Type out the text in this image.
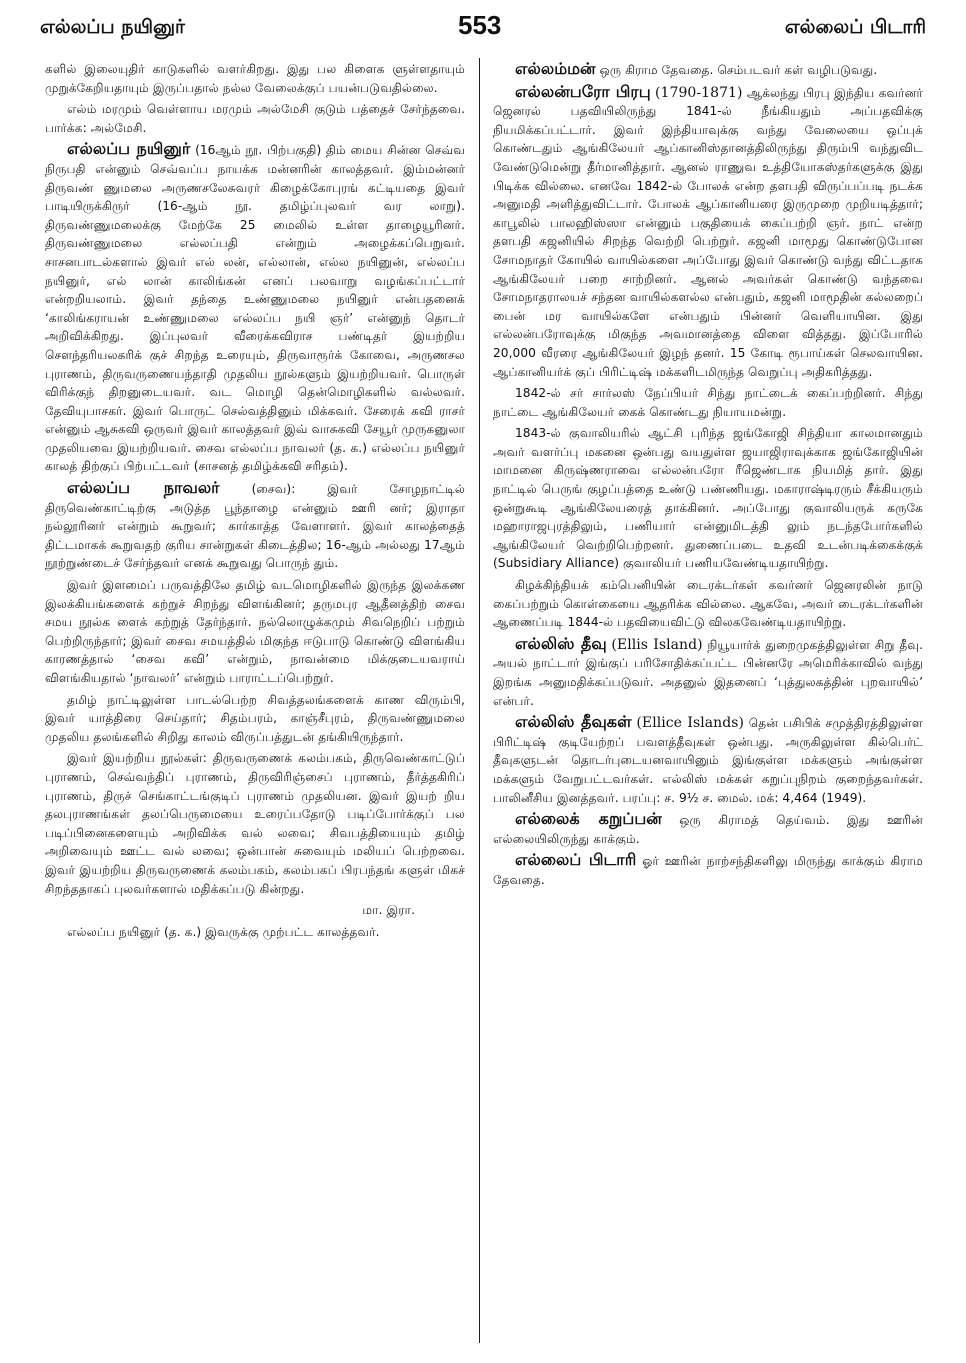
எல்லப்ப நயினுர்	553	எல்லைப் பிடாரி

களில் இலையுதிர் காடுகளில் வளர்கிறது. இது பல கிளைக ளுள்ளதாயும் முறுக்கேறியதாயும் இருப்பதால் நல்ல வேலைக்குப் பயன்படுவதில்லை.

எல்ம் மரமும் வெள்ளாய மரமும் அல்மேசி குடும் பத்தைச் சேர்ந்தவை. பார்க்க: அல்மேசி.

எல்லப்ப நயினுர் (16ஆம் நூ. பிற்பகுதி) திம் மைய சின்ன செவ்வ நிருபதி என்னும் செவ்வப்ப நாயக்க மன்னரின் காலத்தவர். இம்மன்னர் திருவண் ணுமலை அருணசலேசுவரர் கிழைக்கோபுரங் கட்டியதை இவர் பாடியிருக்கிருர் (16-ஆம் நூ. தமிழ்ப்புலவர் வர லாறு). திருவண்ணுமலைக்கு மேற்கே 25 மைலில் உள்ள தாழையூரினர். திருவண்ணுமலை எல்லப்பதி என்றும் அழைக்கப்பெறுவர். சாசனபாடல்களால் இவர் எல் லன், எல்லான், எல்ல நயினுன், எல்லப்ப நயினுர், எல் லான் காலிங்கன் எனப் பலவாறு வழங்கப்பட்டார் என்றறியலாம். இவர் தந்தை உண்ணுமலை நயினுர் என்பதனைக் ‘காலிங்கராயன் உண்ணுமலை எல்லப்ப நயி ஞர்’ என்னுந் தொடர் அறிவிக்கிறது. இப்புலவர் வீரைக்கவிராச பண்டிதர் இயற்றிய சௌந்தரியலகரிக் குச் சிறந்த உரையும், திருவாரூர்க் கோவை, அருணசல புராணம், திருவருணையந்தாதி முதலிய நூல்களும் இயற்றியவர். பொருள் விரிக்குந் திறனுடையவர். வட மொழி தென்மொழிகளில் வல்லவர். தேவியுபாசகர். இவர் பொருட் செல்வத்தினும் மிக்கவர். சேரைக் கவி ராசர் என்னும் ஆசுகவி ஒருவர் இவர் காலத்தவர் இவ் வாசுகவி சேயூர் முருகனுலா முதலியவை இயற்றியவர். சைவ எல்லப்ப நாவலர் (த. க.) எல்லப்ப நயினுர் காலத் திற்குப் பிற்பட்டவர் (சாசனத் தமிழ்க்கவி சரிதம்).

எல்லப்ப நாவலர்	(சைவ): இவர் சோழநாட்டில் திருவெண்காட்டிற்கு அடுத்த பூந்தாழை என்னும் ஊரி னர்; இராதா நல்லூரினர் என்றும் கூறுவர்; கார்காத்த வேளாளர். இவர் காலத்தைத் திட்டமாகக் கூறுவதற் குரிய சான்றுகள் கிடைத்தில; 16-ஆம் அல்லது 17ஆம் நூற்றுண்டைச் சேர்ந்தவர் எனக் கூறுவது பொருந் தும்.

இவர் இளமைப் பருவத்திலே தமிழ் வடமொழிகளில் இருந்த இலக்கண இலக்கியங்களைக் கற்றுச் சிறந்து விளங்கினர்; தருமபுர ஆதீனத்திற் சைவ சமய நூல்க ளைக் கற்றுத் தேர்ந்தார். நல்லொழுக்கமும் சிவநெறிப் பற்றும் பெற்றிருந்தார்; இவர் சைவ சமயத்தில் மிகுந்த ஈடுபாடு கொண்டு விளங்கிய காரணத்தால் ‘சைவ கவி’ என்றும், நாவன்மை மிக்குடையவராய் விளங்கியதால் ‘நாவலர்’ என்றும் பாராட்டப்பெற்றுர்.

தமிழ் நாட்டிலுள்ள பாடல்பெற்ற சிவத்தலங்களைக் காண விரும்பி, இவர் யாத்திரை செய்தார்; சிதம்பரம், காஞ்சீபுரம், திருவண்ணுமலை முதலிய தலங்களில் சிறிது காலம் விருப்பத்துடன் தங்கியிருந்தார்.

இவர் இயற்றிய நூல்கள்: திருவருணைக் கலம்பகம், திருவெண்காட்டுப் புராணம், செவ்வந்திப் புராணம், திருவிரிஞ்சைப் புராணம், தீர்த்தகிரிப் புராணம், திருச் செங்காட்டங்குடிப் புராணம் முதலியன. இவர் இயற் றிய தலபுராணங்கள் தலப்பெருமையை உரைப்பதோடு படிப்போர்க்குப் பல படிப்பினைகளையும் அறிவிக்க வல் லவை; சிவபத்தியையும் தமிழ் அறிவையும் ஊட்ட வல் லவை; ஒன்பான் சுவையும் மலியப் பெற்றவை. இவர் இயற்றிய திருவருணைக் கலம்பகம், கலம்பகப் பிரபந்தங் களுள் மிகச் சிறந்ததாகப் புலவர்களால் மதிக்கப்படு கின்றது.

மா. இரா.

எல்லப்ப நயினுர் (த. க.) இவருக்கு முற்பட்ட காலத்தவர்.

எல்லம்மன் ஒரு கிராம தேவதை. செம்படவர் கள் வழிபடுவது.

எல்லன்பரோ பிரபு (1790-1871) ஆக்லந்து பிரபு இந்திய கவர்னர் ஜெனரல் பதவியிலிருந்து 1841-ல் நீங்கியதும் அப்பதவிக்கு நியமிக்கப்பட்டார். இவர் இந்தியாவுக்கு வந்து வேலையை ஒப்புக் கொண்டதும் ஆங்கிலேயர் ஆப்கானிஸ்தானத்திலிருந்து திரும்பி வந்துவிட வேண்டுமென்று தீர்மானித்தார். ஆனல் ராணுவ உத்தியோகஸ்தர்களுக்கு இது பிடிக்க வில்லை. எனவே 1842-ல் போலக் என்ற தளபதி விருப்பப்படி நடக்க அனுமதி அளித்துவிட்டார். போலக் ஆப்கானியரை இருமுறை முறியடித்தார்; காபூலில் பாலஹிஸ்ஸா என்னும் பகுதியைக் கைப்பற்றி ஞர். நாட் என்ற தளபதி கஜனியில் சிறந்த வெற்றி பெற்றுர். கஜனி மாமூது கொண்டுபோன சோமநாதர் கோயில் வாயில்களை அப்போது இவர் கொண்டு வந்து விட்டதாக ஆங்கிலேயர் பறை சாற்றினர். ஆனல் அவர்கள் கொண்டு வந்தவை சோமநாதராலயச் சந்தன வாயில்களல்ல என்பதும், கஜனி மாமூதின் கல்லறைப் பைன் மர வாயில்களே என்பதும் பின்னர் வெளியாயின. இது எல்லன்பரோவுக்கு மிகுந்த அவமானத்தை விளை வித்தது. இப்போரில் 20,000 வீரரை ஆங்கிலேயர் இழந் தனர். 15 கோடி ரூபாய்கள் செலவாயின. ஆப்கானியர்க் குப் பிரிட்டிஷ் மக்களிடமிருந்த வெறுப்பு அதிகரித்தது.

1842-ல் சர் சார்லஸ் நேப்பியர் சிந்து நாட்டைக் கைப்பற்றினர். சிந்து நாட்டை ஆங்கிலேயர் கைக் கொண்டது நியாயமன்று.

1843-ல் குவாலியரில் ஆட்சி புரிந்த ஜங்கோஜி சிந்தியா காலமானதும் அவர் வளர்ப்பு மகனை ஒன்பது வயதுள்ள ஜயாஜிராவுக்காக ஜங்கோஜியின் மாமனை கிருஷ்ணராவை எல்லன்பரோ ரீஜெண்டாக நியமித் தார். இது நாட்டில் பெருங் குழப்பத்தை உண்டு பண்ணியது. மகாராஷ்டிரரும் சீக்கியரும் ஒன்றுகூடி ஆங்கிலேயரைத் தாக்கினர். அப்போது குவாலியருக் கருகே மஹாராஜபுரத்திலும், பணியார் என்னுமிடத்தி லும் நடந்தபோர்களில் ஆங்கிலேயர் வெற்றிபெற்றனர். துணைப்படை உதவி உடன்படிக்கைக்குக் (Subsidiary Alliance) குவாலியர் பணியவேண்டியதாயிற்று.

கிழக்கிந்தியக் கம்பெனியின் டைரக்டர்கள் கவர்னர் ஜெனரலின் நாடு கைப்பற்றும் கொள்கையை ஆதரிக்க வில்லை. ஆகவே, அவர் டைரக்டர்களின் ஆணைப்படி 1844-ல் பதவியைவிட்டு விலகவேண்டியதாயிற்று.

எல்லிஸ் தீவு (Ellis Island) நியூயார்க் துறைமுகத்திலுள்ள சிறு தீவு. அயல் நாட்டார் இங்குப் பரிசோதிக்கப்பட்ட பின்னரே அமெரிக்காவில் வந்து இறங்க அனுமதிக்கப்படுவர். அதனுல் இதனைப் ‘புத்துலகத்தின் புறவாயில்’ என்பர்.

எல்லிஸ் தீவுகள் (Ellice Islands) தென் பசிபிக் சமுத்திரத்திலுள்ள பிரிட்டிஷ் குடியேற்றப் பவளத்தீவுகள் ஒன்பது. அருகிலுள்ள கில்பெர்ட் தீவுகளுடன் தொடர்புடையனவாயினும் இங்குள்ள மக்களும் அங்குள்ள மக்களும் வேறுபட்டவர்கள். எல்லிஸ் மக்கள் கறுப்புநிறம் குறைந்தவர்கள். பாலினீசிய இனத்தவர். பரப்பு: ச. 9½ ச. மைல். மக்: 4,464 (1949).

எல்லைக் கறுப்பன் ஒரு கிராமத் தெய்வம். இது ஊரின் எல்லையிலிருந்து காக்கும்.

எல்லைப் பிடாரி ஓர் ஊரின் நாற்சந்திகளிலு மிருந்து காக்கும் கிராம தேவதை.
